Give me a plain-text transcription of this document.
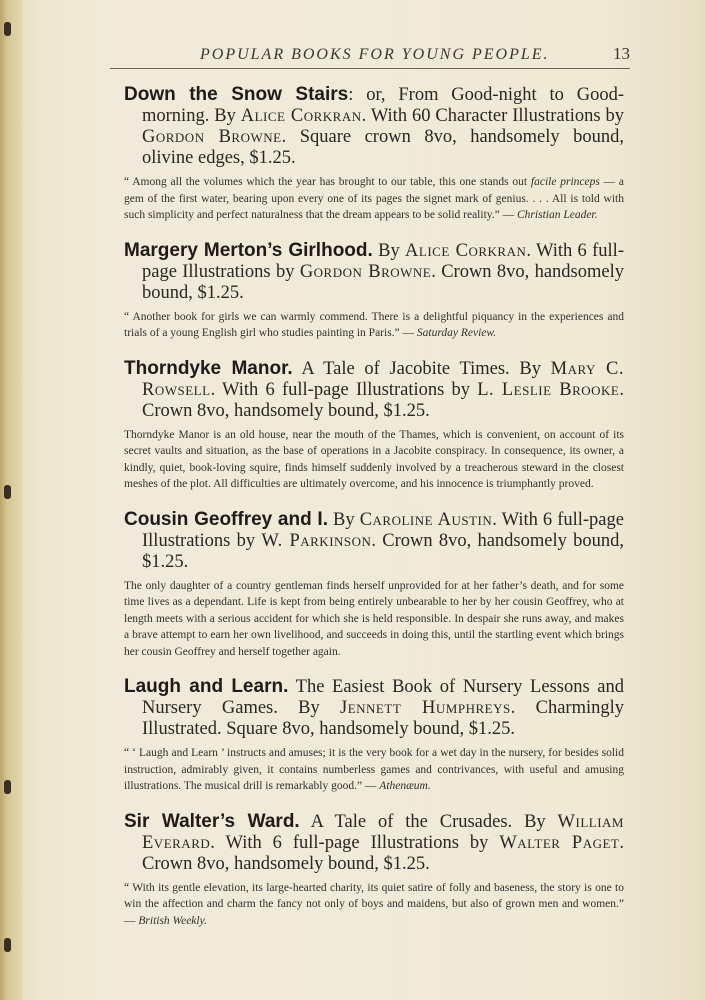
POPULAR BOOKS FOR YOUNG PEOPLE.	13
Down the Snow Stairs: or, From Good-night to Good-morning. By Alice Corkran. With 60 Character Illustrations by Gordon Browne. Square crown 8vo, handsomely bound, olivine edges, $1.25.
“ Among all the volumes which the year has brought to our table, this one stands out facile princeps — a gem of the first water, bearing upon every one of its pages the signet mark of genius. . . . All is told with such simplicity and perfect naturalness that the dream appears to be solid reality.” — Christian Leader.
Margery Merton’s Girlhood. By Alice Corkran. With 6 full-page Illustrations by Gordon Browne. Crown 8vo, handsomely bound, $1.25.
“ Another book for girls we can warmly commend. There is a delightful piquancy in the experiences and trials of a young English girl who studies painting in Paris.” — Saturday Review.
Thorndyke Manor. A Tale of Jacobite Times. By Mary C. Rowsell. With 6 full-page Illustrations by L. Leslie Brooke. Crown 8vo, handsomely bound, $1.25.
Thorndyke Manor is an old house, near the mouth of the Thames, which is convenient, on account of its secret vaults and situation, as the base of operations in a Jacobite conspiracy. In consequence, its owner, a kindly, quiet, book-loving squire, finds himself suddenly involved by a treacherous steward in the closest meshes of the plot. All difficulties are ultimately overcome, and his innocence is triumphantly proved.
Cousin Geoffrey and I. By Caroline Austin. With 6 full-page Illustrations by W. Parkinson. Crown 8vo, handsomely bound, $1.25.
The only daughter of a country gentleman finds herself unprovided for at her father’s death, and for some time lives as a dependant. Life is kept from being entirely unbearable to her by her cousin Geoffrey, who at length meets with a serious accident for which she is held responsible. In despair she runs away, and makes a brave attempt to earn her own livelihood, and succeeds in doing this, until the startling event which brings her cousin Geoffrey and herself together again.
Laugh and Learn. The Easiest Book of Nursery Lessons and Nursery Games. By Jennett Humphreys. Charmingly Illustrated. Square 8vo, handsomely bound, $1.25.
“ ‘ Laugh and Learn ’ instructs and amuses; it is the very book for a wet day in the nursery, for besides solid instruction, admirably given, it contains numberless games and contrivances, with useful and amusing illustrations. The musical drill is remarkably good.” — Athenæum.
Sir Walter’s Ward. A Tale of the Crusades. By William Everard. With 6 full-page Illustrations by Walter Paget. Crown 8vo, handsomely bound, $1.25.
“ With its gentle elevation, its large-hearted charity, its quiet satire of folly and baseness, the story is one to win the affection and charm the fancy not only of boys and maidens, but also of grown men and women.” — British Weekly.
